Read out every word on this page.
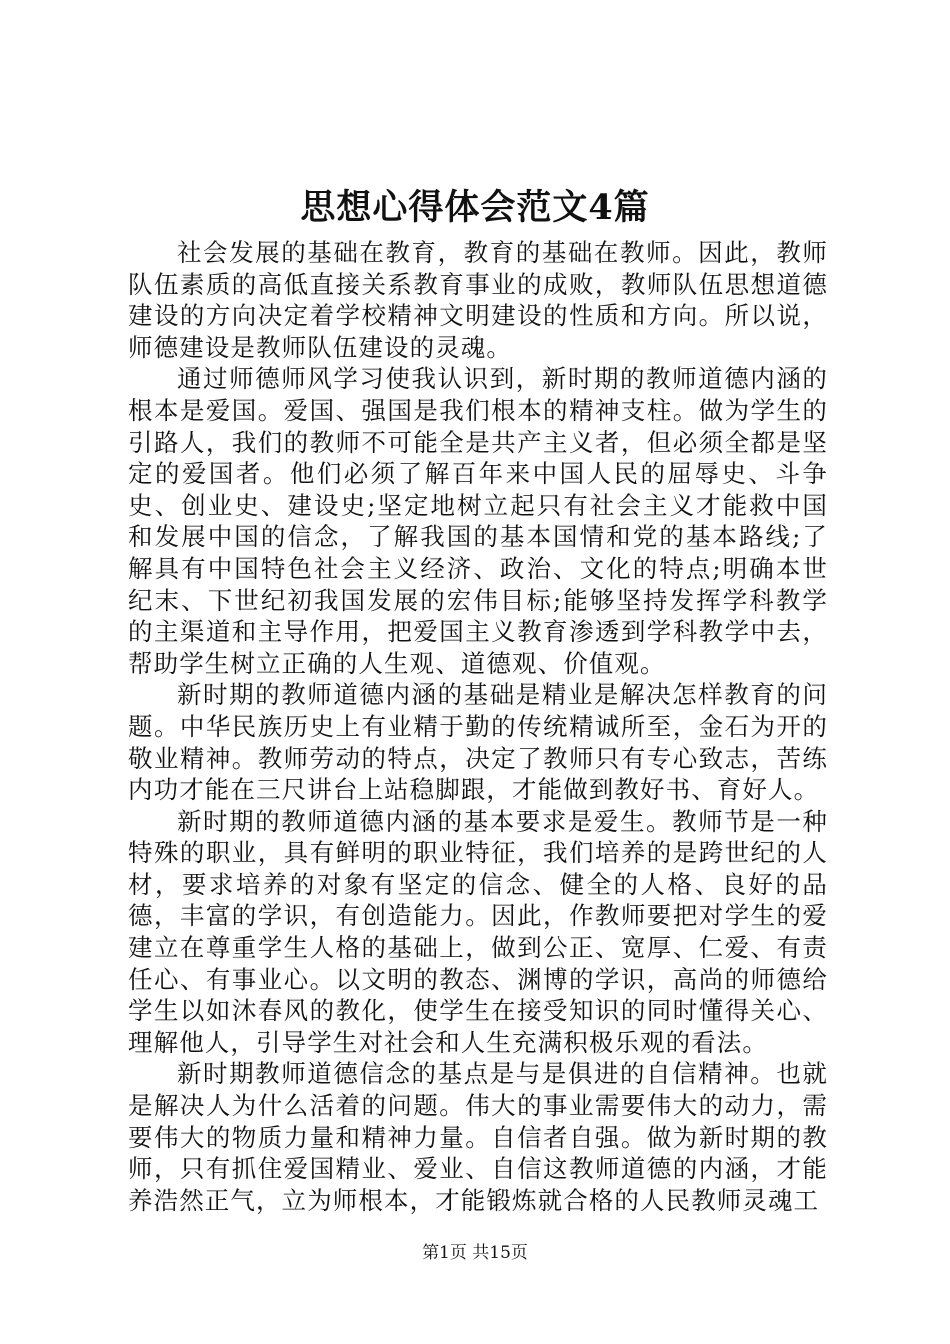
思想心得体会范文4篇

社会发展的基础在教育，教育的基础在教师。因此，教师队伍素质的高低直接关系教育事业的成败，教师队伍思想道德建设的方向决定着学校精神文明建设的性质和方向。所以说，师德建设是教师队伍建设的灵魂。

通过师德师风学习使我认识到，新时期的教师道德内涵的根本是爱国。爱国、强国是我们根本的精神支柱。做为学生的引路人，我们的教师不可能全是共产主义者，但必须全都是坚定的爱国者。他们必须了解百年来中国人民的屈辱史、斗争史、创业史、建设史;坚定地树立起只有社会主义才能救中国和发展中国的信念，了解我国的基本国情和党的基本路线;了解具有中国特色社会主义经济、政治、文化的特点;明确本世纪末、下世纪初我国发展的宏伟目标;能够坚持发挥学科教学的主渠道和主导作用，把爱国主义教育渗透到学科教学中去，帮助学生树立正确的人生观、道德观、价值观。

新时期的教师道德内涵的基础是精业是解决怎样教育的问题。中华民族历史上有业精于勤的传统精诚所至，金石为开的敬业精神。教师劳动的特点，决定了教师只有专心致志，苦练内功才能在三尺讲台上站稳脚跟，才能做到教好书、育好人。

新时期的教师道德内涵的基本要求是爱生。教师节是一种特殊的职业，具有鲜明的职业特征，我们培养的是跨世纪的人材，要求培养的对象有坚定的信念、健全的人格、良好的品德，丰富的学识，有创造能力。因此，作教师要把对学生的爱建立在尊重学生人格的基础上，做到公正、宽厚、仁爱、有责任心、有事业心。以文明的教态、渊博的学识，高尚的师德给学生以如沐春风的教化，使学生在接受知识的同时懂得关心、理解他人，引导学生对社会和人生充满积极乐观的看法。

新时期教师道德信念的基点是与是俱进的自信精神。也就是解决人为什么活着的问题。伟大的事业需要伟大的动力，需要伟大的物质力量和精神力量。自信者自强。做为新时期的教师，只有抓住爱国精业、爱业、自信这教师道德的内涵，才能养浩然正气，立为师根本，才能锻炼就合格的人民教师灵魂工

第1页 共15页
